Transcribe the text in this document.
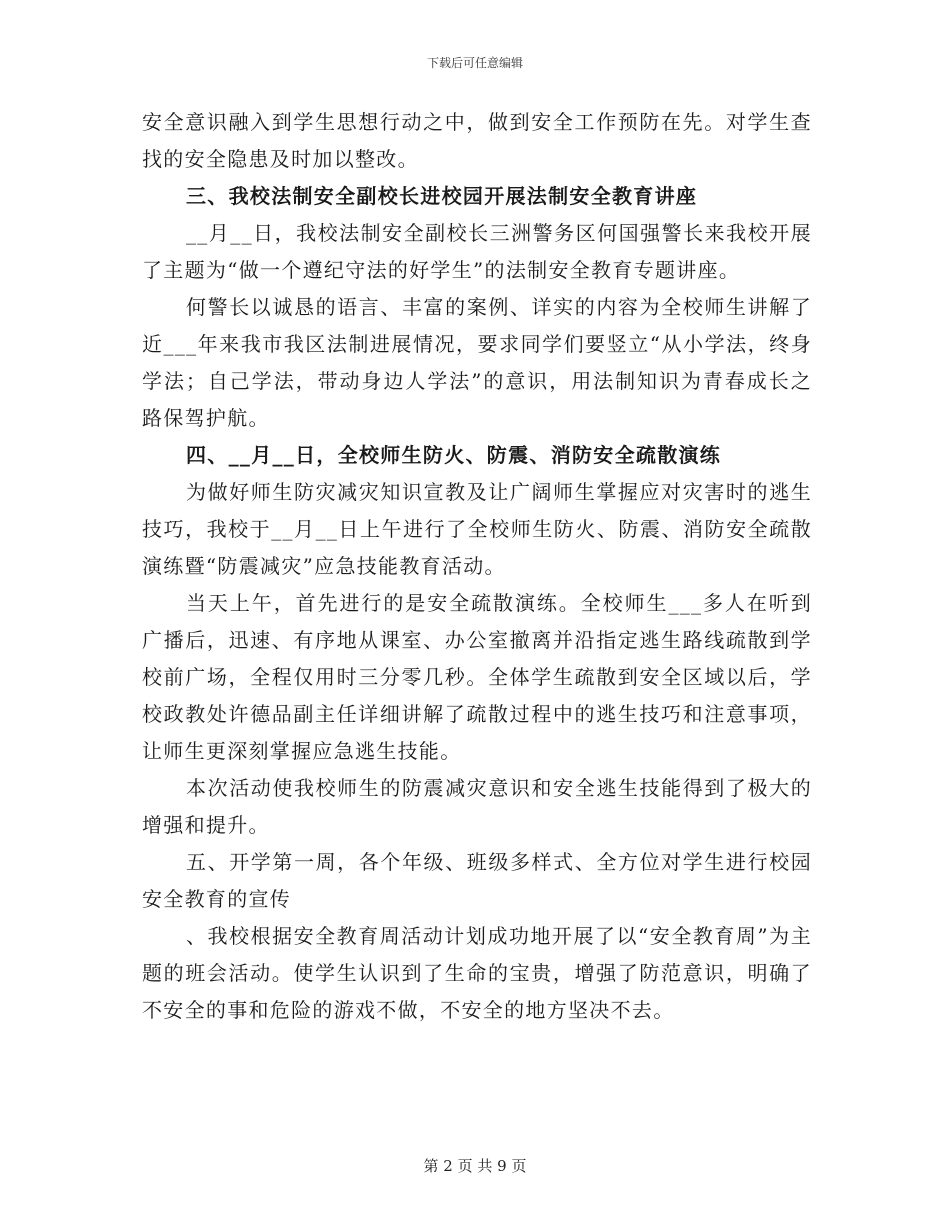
下载后可任意编辑

安全意识融入到学生思想行动之中，做到安全工作预防在先。对学生查找的安全隐患及时加以整改。

三、我校法制安全副校长进校园开展法制安全教育讲座

__月__日，我校法制安全副校长三洲警务区何国强警长来我校开展了主题为“做一个遵纪守法的好学生”的法制安全教育专题讲座。

何警长以诚恳的语言、丰富的案例、详实的内容为全校师生讲解了近___年来我市我区法制进展情况，要求同学们要竖立“从小学法，终身学法；自己学法，带动身边人学法”的意识，用法制知识为青春成长之路保驾护航。

四、__月__日，全校师生防火、防震、消防安全疏散演练

为做好师生防灾减灾知识宣教及让广阔师生掌握应对灾害时的逃生技巧，我校于__月__日上午进行了全校师生防火、防震、消防安全疏散演练暨“防震减灾”应急技能教育活动。

当天上午，首先进行的是安全疏散演练。全校师生___多人在听到广播后，迅速、有序地从课室、办公室撤离并沿指定逃生路线疏散到学校前广场，全程仅用时三分零几秒。全体学生疏散到安全区域以后，学校政教处许德品副主任详细讲解了疏散过程中的逃生技巧和注意事项，让师生更深刻掌握应急逃生技能。

本次活动使我校师生的防震减灾意识和安全逃生技能得到了极大的增强和提升。

五、开学第一周，各个年级、班级多样式、全方位对学生进行校园安全教育的宣传

、我校根据安全教育周活动计划成功地开展了以“安全教育周”为主题的班会活动。使学生认识到了生命的宝贵，增强了防范意识，明确了不安全的事和危险的游戏不做，不安全的地方坚决不去。

第 2 页 共 9 页
